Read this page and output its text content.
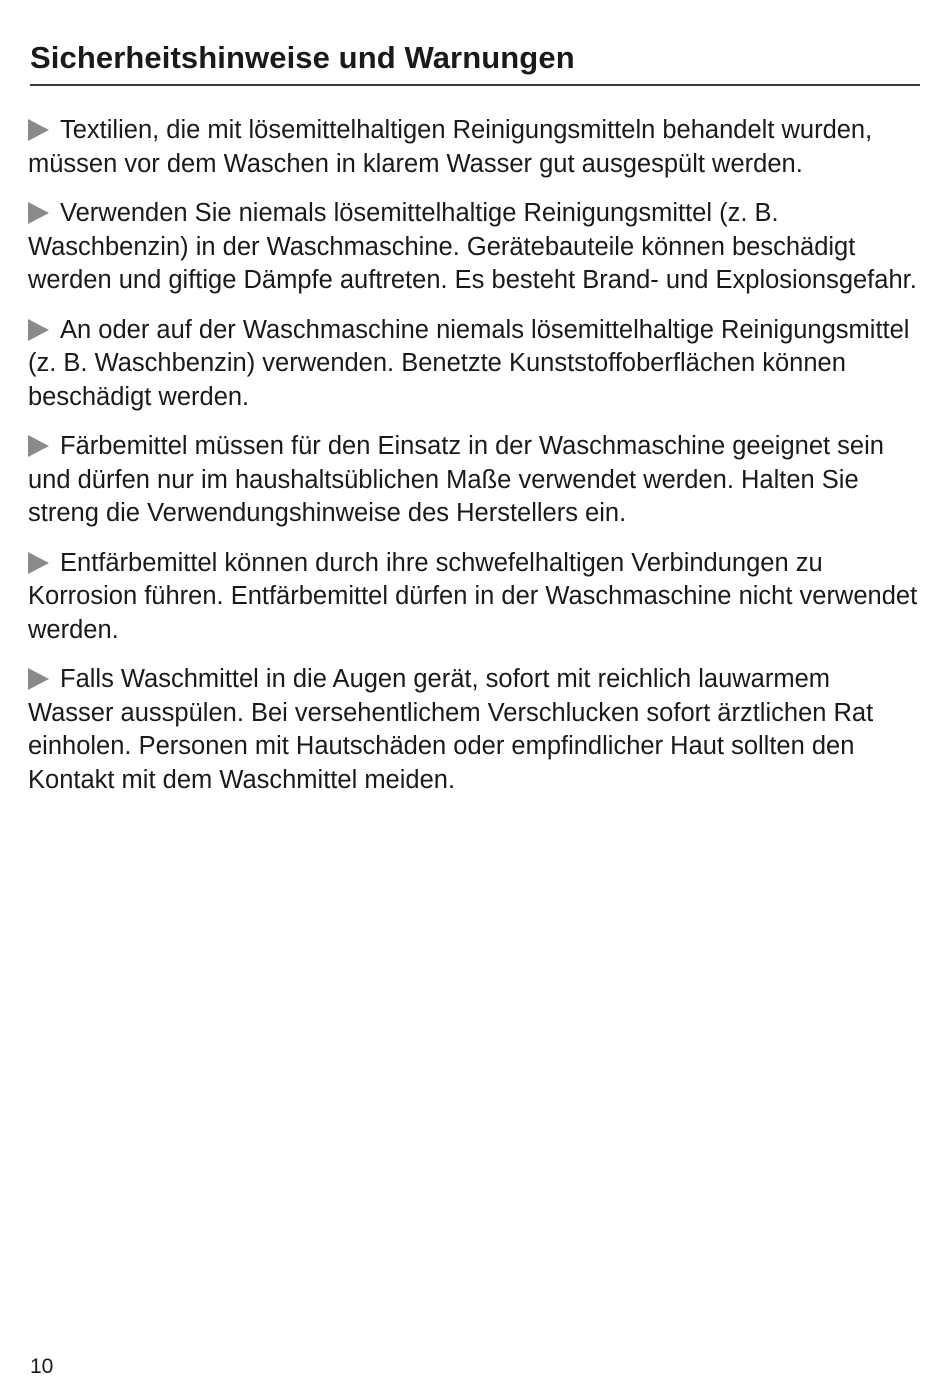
Sicherheitshinweise und Warnungen

Textilien, die mit lösemittelhaltigen Reinigungsmitteln behandelt wurden, müssen vor dem Waschen in klarem Wasser gut ausgespült werden.

Verwenden Sie niemals lösemittelhaltige Reinigungsmittel (z. B. Waschbenzin) in der Waschmaschine. Gerätebauteile können beschädigt werden und giftige Dämpfe auftreten. Es besteht Brand- und Explosionsgefahr.

An oder auf der Waschmaschine niemals lösemittelhaltige Reinigungsmittel (z. B. Waschbenzin) verwenden. Benetzte Kunststoffoberflächen können beschädigt werden.

Färbemittel müssen für den Einsatz in der Waschmaschine geeignet sein und dürfen nur im haushaltsüblichen Maße verwendet werden. Halten Sie streng die Verwendungshinweise des Herstellers ein.

Entfärbemittel können durch ihre schwefelhaltigen Verbindungen zu Korrosion führen. Entfärbemittel dürfen in der Waschmaschine nicht verwendet werden.

Falls Waschmittel in die Augen gerät, sofort mit reichlich lauwarmem Wasser ausspülen. Bei versehentlichem Verschlucken sofort ärztlichen Rat einholen. Personen mit Hautschäden oder empfindlicher Haut sollten den Kontakt mit dem Waschmittel meiden.

10
